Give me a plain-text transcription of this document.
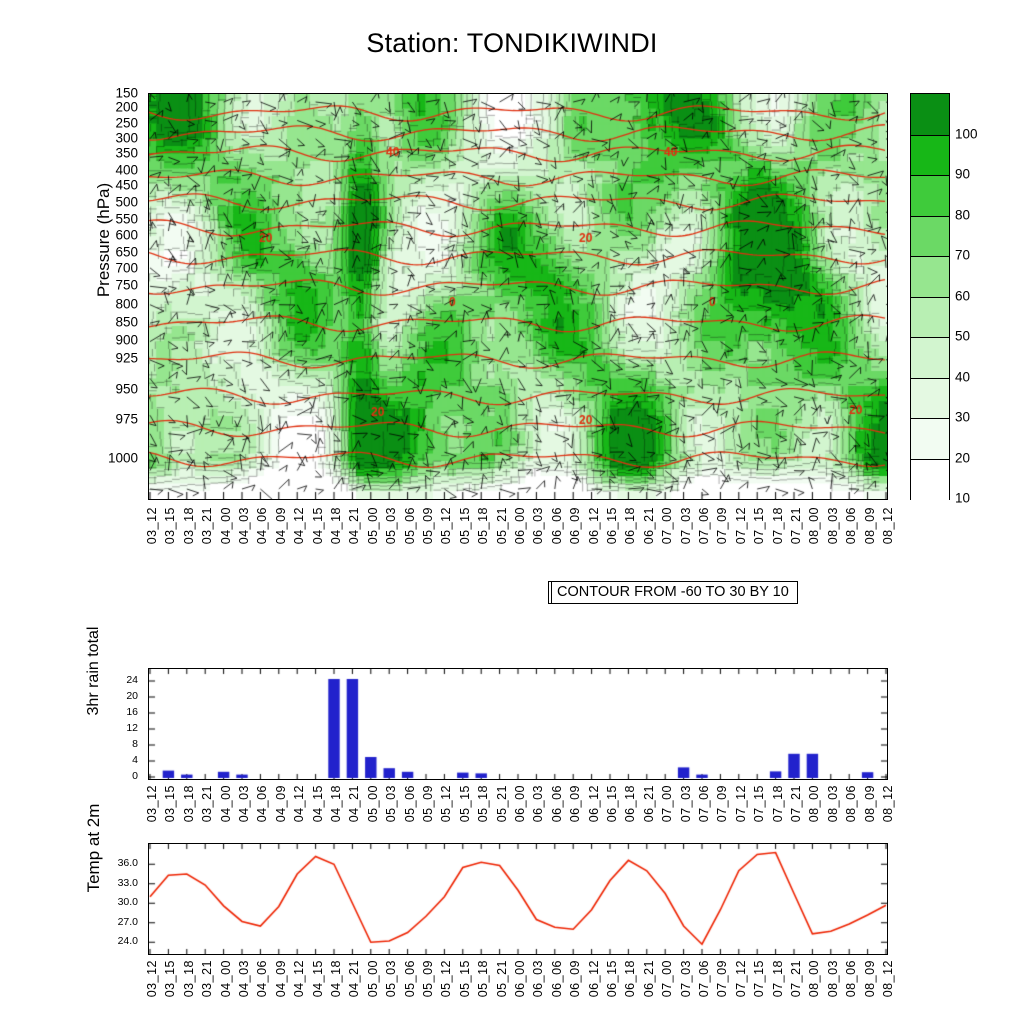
Station: TONDIKIWINDI
Pressure (hPa)
150
200
250
300
350
400
450
500
550
600
650
700
750
800
850
900
925
950
975
1000
03_12 03_15 03_18 03_21 04_00 04_03 04_06 04_09 04_12 04_15 04_18 04_21 05_00 05_03 05_06 05_09 05_12 05_15 05_18 05_21 06_00 06_03 06_06 06_09 06_12 06_15 06_18 06_21 07_00 07_03 07_06 07_09 07_12 07_15 07_18 07_21 08_00 08_03 08_06 08_09 08_12
CONTOUR FROM -60 TO 30 BY 10
100
90
80
70
60
50
40
30
20
10
3hr rain total
0
4
8
12
16
20
24
03_12 03_15 03_18 03_21 04_00 04_03 04_06 04_09 04_12 04_15 04_18 04_21 05_00 05_03 05_06 05_09 05_12 05_15 05_18 05_21 06_00 06_03 06_06 06_09 06_12 06_15 06_18 06_21 07_00 07_03 07_06 07_09 07_12 07_15 07_18 07_21 08_00 08_03 08_06 08_09 08_12
Temp at 2m
24.0
27.0
30.0
33.0
36.0
03_12 03_15 03_18 03_21 04_00 04_03 04_06 04_09 04_12 04_15 04_18 04_21 05_00 05_03 05_06 05_09 05_12 05_15 05_18 05_21 06_00 06_03 06_06 06_09 06_12 06_15 06_18 06_21 07_00 07_03 07_06 07_09 07_12 07_15 07_18 07_21 08_00 08_03 08_06 08_09 08_12
